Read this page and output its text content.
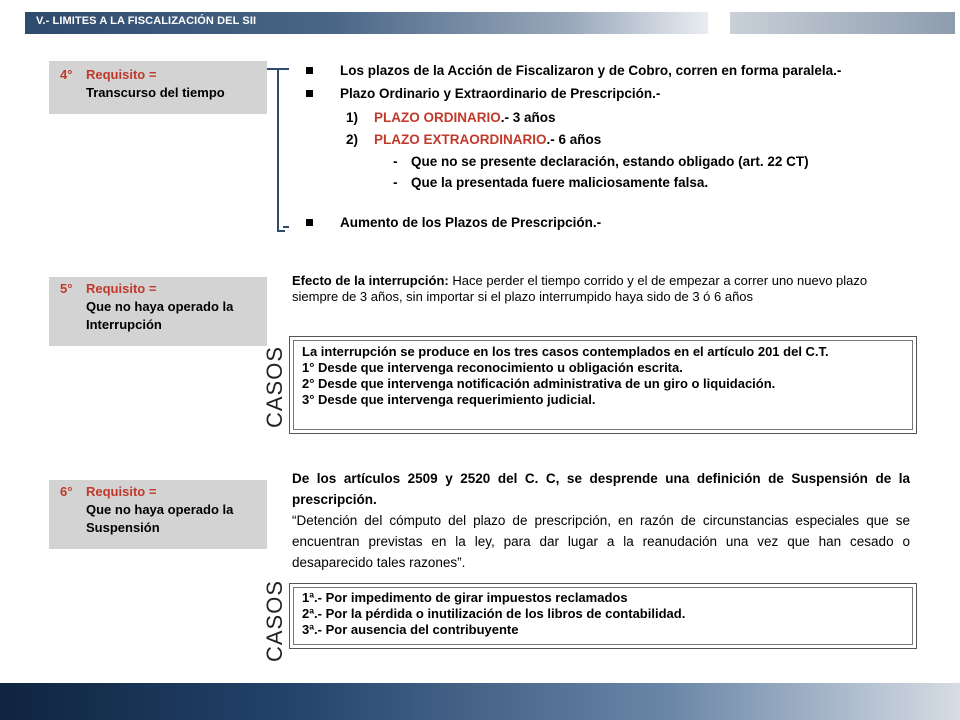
V.- LIMITES A LA FISCALIZACIÓN DEL SII
4° Requisito =
Transcurso del tiempo
Los plazos de la Acción de Fiscalizaron y de Cobro, corren en forma paralela.-
Plazo Ordinario y Extraordinario de Prescripción.-
1) PLAZO ORDINARIO.- 3 años
2) PLAZO EXTRAORDINARIO.- 6 años
- Que no se presente declaración, estando obligado (art. 22 CT)
- Que la presentada fuere maliciosamente falsa.
Aumento de los Plazos de Prescripción.-
5° Requisito =
Que no haya operado la
Interrupción
Efecto de la interrupción: Hace perder el tiempo corrido y el de empezar a correr uno nuevo plazo siempre de 3 años, sin importar si el plazo interrumpido haya sido de 3 ó 6 años
CASOS La interrupción se produce en los tres casos contemplados en el artículo 201 del C.T.
1° Desde que intervenga reconocimiento u obligación escrita.
2° Desde que intervenga notificación administrativa de un giro o liquidación.
3° Desde que intervenga requerimiento judicial.
6° Requisito =
Que no haya operado la
Suspensión
De los artículos 2509 y 2520 del C. C, se desprende una definición de Suspensión de la prescripción.
“Detención del cómputo del plazo de prescripción, en razón de circunstancias especiales que se encuentran previstas en la ley, para dar lugar a la reanudación una vez que han cesado o desaparecido tales razones”.
CASOS 1ª.- Por impedimento de girar impuestos reclamados
2ª.- Por la pérdida o inutilización de los libros de contabilidad.
3ª.- Por ausencia del contribuyente
